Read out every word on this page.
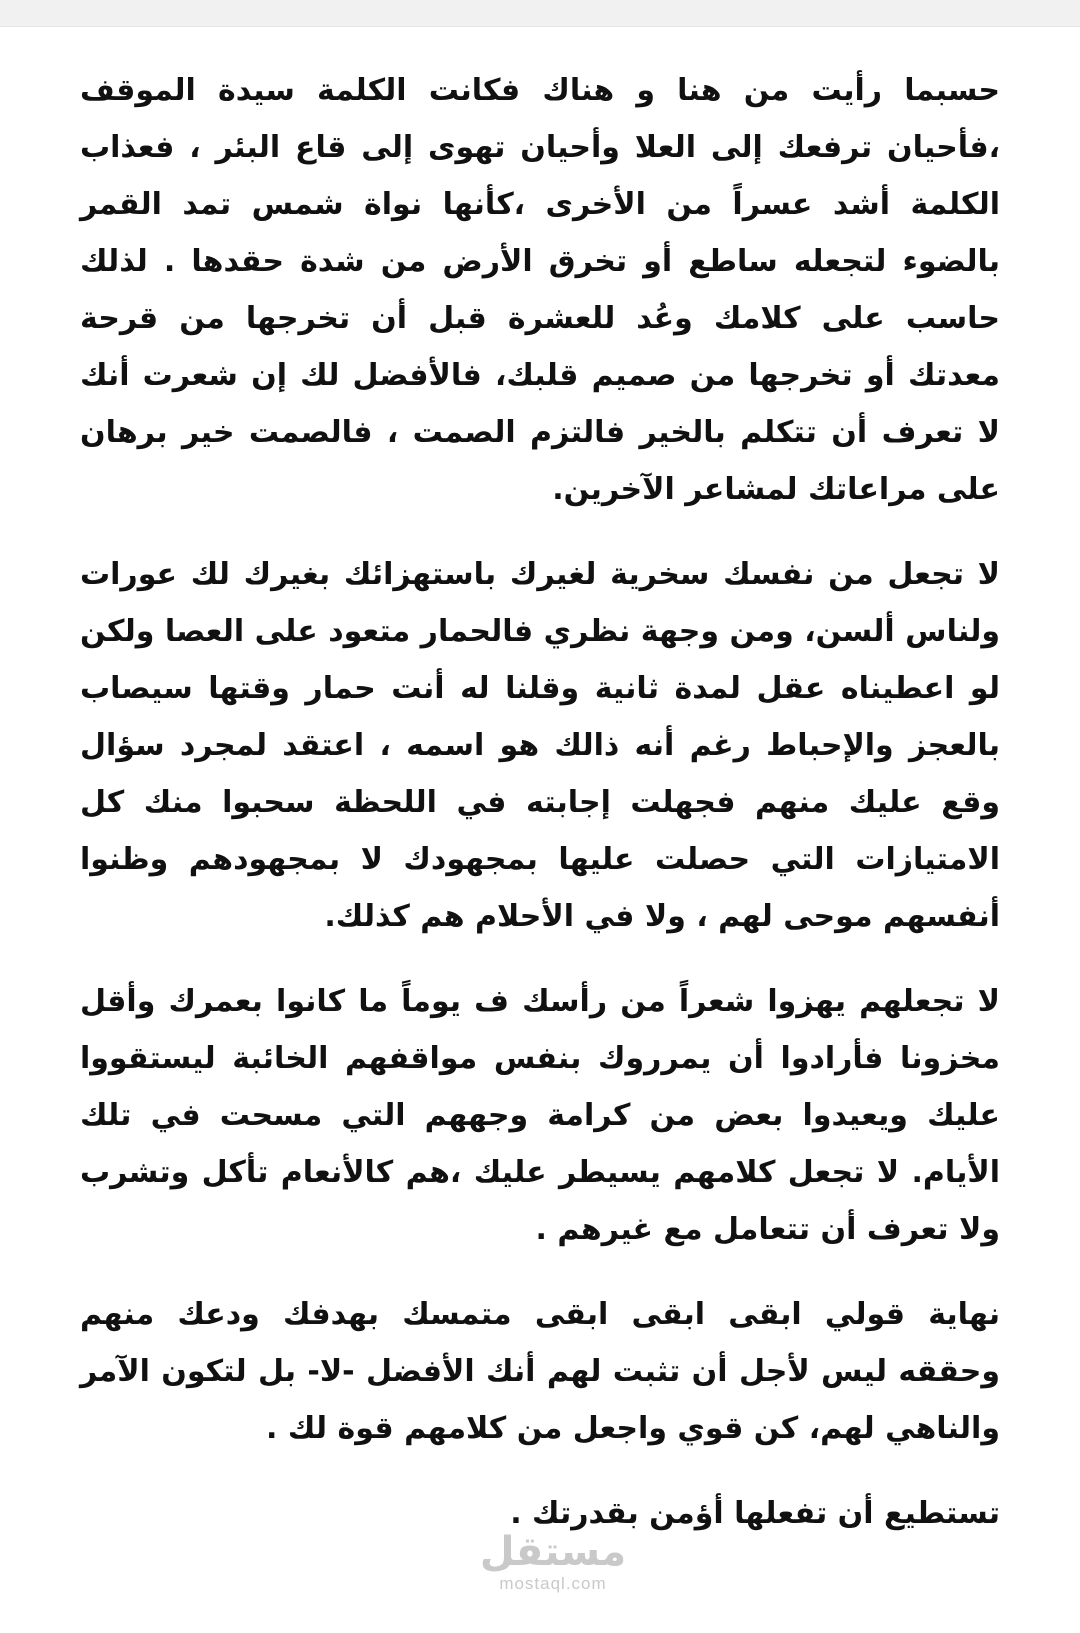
حسبما رأيت من هنا و هناك فكانت الكلمة سيدة الموقف ،فأحيان ترفعك إلى العلا وأحيان تهوى إلى قاع البئر ، فعذاب الكلمة أشد عسراً من الأخرى ،كأنها نواة شمس تمد القمر بالضوء لتجعله ساطع أو تخرق الأرض من شدة حقدها . لذلك حاسب على كلامك وعُد للعشرة قبل أن تخرجها من قرحة معدتك أو تخرجها من صميم قلبك، فالأفضل لك إن شعرت أنك لا تعرف أن تتكلم بالخير فالتزم الصمت ، فالصمت خير برهان على مراعاتك لمشاعر الآخرين.

لا تجعل من نفسك سخرية لغيرك باستهزائك بغيرك لك عورات ولناس ألسن، ومن وجهة نظري فالحمار متعود على العصا ولكن لو اعطيناه عقل لمدة ثانية وقلنا له أنت حمار وقتها سيصاب بالعجز والإحباط رغم أنه ذالك هو اسمه ، اعتقد لمجرد سؤال وقع عليك منهم فجهلت إجابته في اللحظة سحبوا منك كل الامتيازات التي حصلت عليها بمجهودك لا بمجهودهم وظنوا أنفسهم موحى لهم ، ولا في الأحلام هم كذلك.

لا تجعلهم يهزوا شعراً من رأسك ف يوماً ما كانوا بعمرك وأقل مخزونا فأرادوا أن يمرروك بنفس مواقفهم الخائبة ليستقووا عليك ويعيدوا بعض من كرامة وجههم التي مسحت في تلك الأيام. لا تجعل كلامهم يسيطر عليك ،هم كالأنعام تأكل وتشرب ولا تعرف أن تتعامل مع غيرهم .

نهاية قولي ابقى ابقى ابقى متمسك بهدفك ودعك منهم وحققه ليس لأجل أن تثبت لهم أنك الأفضل -لا- بل لتكون الآمر والناهي لهم، كن قوي واجعل من كلامهم قوة لك .

تستطيع أن تفعلها أؤمن بقدرتك .

مستقل
mostaql.com
